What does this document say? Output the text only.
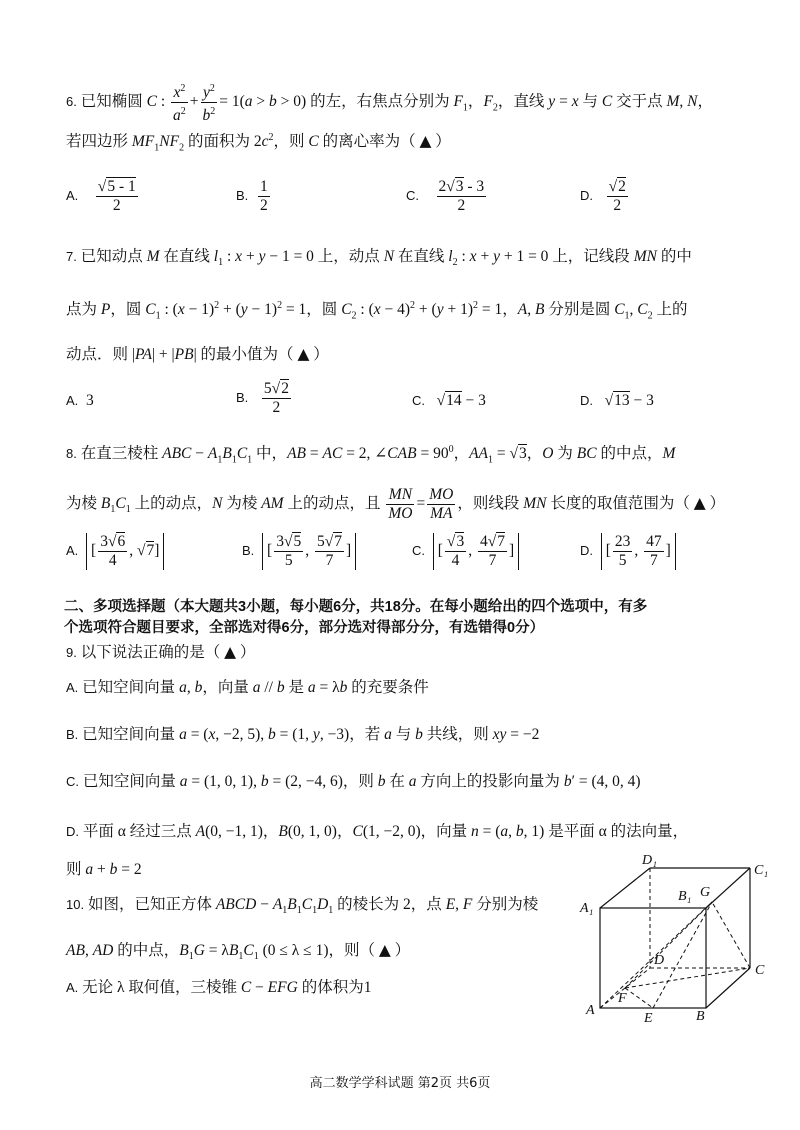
6. 已知椭圆 C : $\frac{x^2}{a^2} + \frac{y^2}{b^2} = 1(a > b > 0)$ 的左，右焦点分别为 $F_1$，$F_2$，直线 y = x 与 C 交于点 M, N，
若四边形 $MF_1NF_2$ 的面积为 $2c^2$，则 C 的离心率为（ ▲ ）
A. $\frac{√5 - 1}{2}$	B. $\frac{1}{2}$	C. $\frac{2√3 - 3}{2}$	D. $\frac{√2}{2}$
7. 已知动点 M 在直线 $l_1$ : x + y − 1 = 0 上，动点 N 在直线 $l_2$ : x + y + 1 = 0 上，记线段 MN 的中
点为 P，圆 $C_1$ : $(x - 1)^2 + (y - 1)^2 = 1$，圆 $C_2$ : $(x - 4)^2 + (y + 1)^2 = 1$，A, B 分别是圆 $C_1$, $C_2$ 上的
动点．则 |PA| + |PB| 的最小值为（ ▲ ）
A.  3	B. $\frac{5√2}{2}$	C.   √14 − 3	D.   √13 − 3
8. 在直三棱柱 ABC − $A_1B_1C_1$ 中，AB = AC = 2, ∠CAB = $90^0$，$AA_1 = √3$，O 为 BC 的中点，M
为棱 $B_1C_1$ 上的动点，N 为棱 AM 上的动点，且 $\frac{MN}{MO} = \frac{MO}{MA}$ ，则线段 MN 长度的取值范围为（ ▲ ）
A. [ $\frac{3√6}{4}$ , √7]	B. [ $\frac{3√5}{5}$ , $\frac{5√7}{7}$ ]	C. [ $\frac{√3}{4}$ , $\frac{4√7}{7}$ ]	D. [ $\frac{23}{5}$ , $\frac{47}{7}$ ]
二、多项选择题（本大题共3小题，每小题6分，共18分。在每小题给出的四个选项中，有多
个选项符合题目要求，全部选对得6分，部分选对得部分分，有选错得0分）
9. 以下说法正确的是（ ▲ ）
A. 已知空间向量 a, b，向量 a // b 是 a = λb 的充要条件
B. 已知空间向量 a = (x, −2, 5), b = (1, y, −3)，若 a 与 b 共线，则 xy = −2
C. 已知空间向量 a = (1, 0, 1), b = (2, −4, 6)，则 b 在 a 方向上的投影向量为 b′ = (4, 0, 4)
D. 平面 α 经过三点 A(0, −1, 1)，B(0, 1, 0)，C(1, −2, 0)，向量 n = (a, b, 1) 是平面 α 的法向量，
则 a + b = 2
10. 如图，已知正方体 ABCD − $A_1B_1C_1D_1$ 的棱长为 2，点 E, F 分别为棱
AB, AD 的中点，$B_1G = \lambda B_1C_1$ (0 ≤ λ ≤ 1)，则（ ▲ ）
A. 无论 λ 取何值，三棱锥 C − EFG 的体积为1
D₁
C₁
A₁
B₁ G
D
C
A
F
E	B
高二数学学科试题 第2页 共6页
